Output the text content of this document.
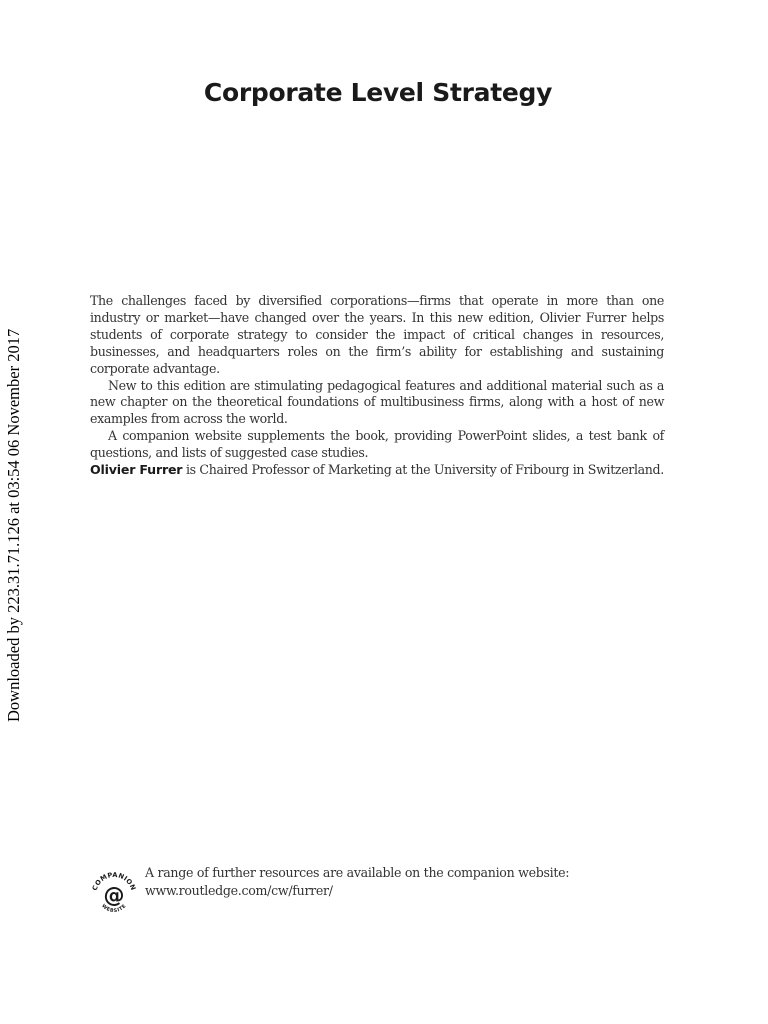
Corporate Level Strategy
Downloaded by 223.31.71.126 at 03:54 06 November 2017

The challenges faced by diversified corporations—firms that operate in more than one industry or market—have changed over the years. In this new edition, Olivier Furrer helps students of corporate strategy to consider the impact of critical changes in resources, businesses, and headquarters roles on the firm’s ability for establishing and sustaining corporate advantage.

New to this edition are stimulating pedagogical features and additional material such as a new chapter on the theoretical foundations of multibusiness firms, along with a host of new examples from across the world.

A companion website supplements the book, providing PowerPoint slides, a test bank of questions, and lists of suggested case studies.

Olivier Furrer is Chaired Professor of Marketing at the University of Fribourg in Switzerland.

COMPANION
@
WEBSITE
A range of further resources are available on the companion website:
www.routledge.com/cw/furrer/
